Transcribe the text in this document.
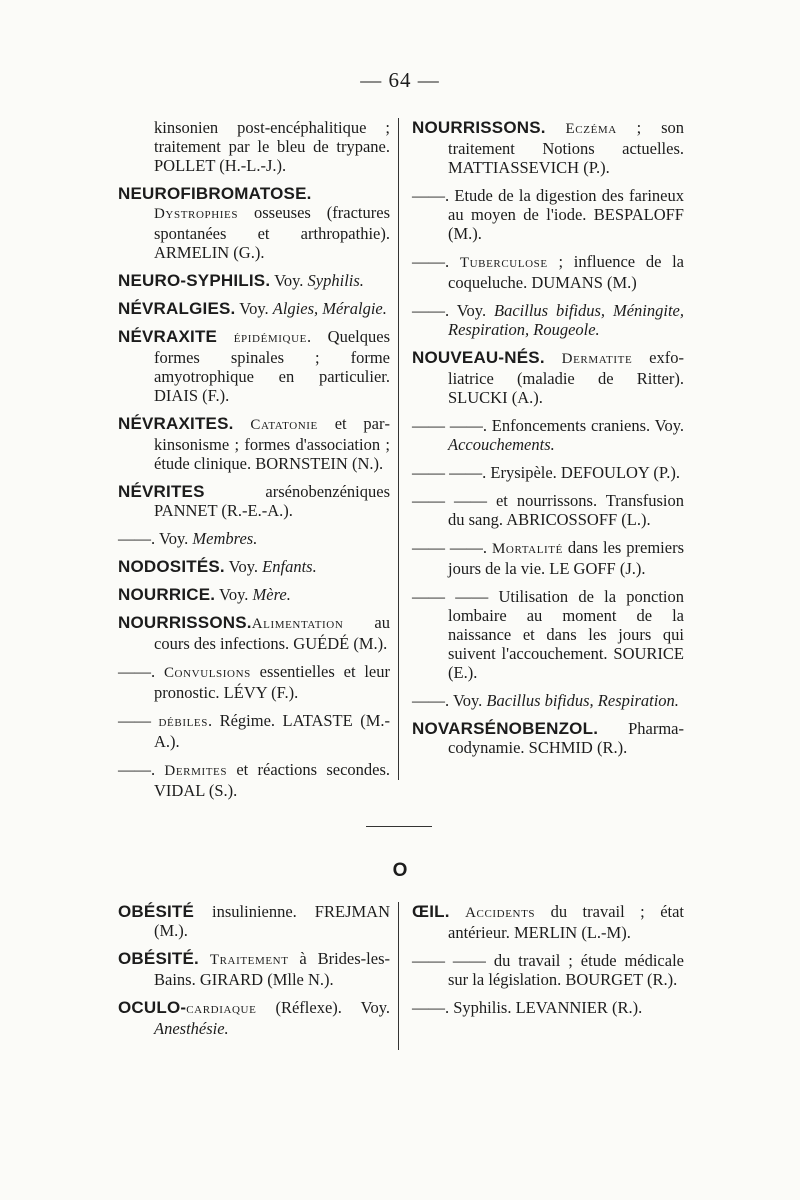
— 64 —

kinsonien post-encéphalitique ; traitement par le bleu de trypane. POLLET (H.-L.-J.).

NEUROFIBROMATOSE. Dystrophies osseuses (fractures spontanées et arthropathie). ARMELIN (G.).

NEURO-SYPHILIS. Voy. Syphilis.

NÉVRALGIES. Voy. Algies, Méralgie.

NÉVRAXITE épidémique. Quelques formes spinales ; forme amyotrophique en particulier. DIAIS (F.).

NÉVRAXITES. Catatonie et parkinsonisme ; formes d'association ; étude clinique. BORNSTEIN (N.).

NÉVRITES arsénobenzéniques PANNET (R.-E.-A.).

——. Voy. Membres.

NODOSITÉS. Voy. Enfants.

NOURRICE. Voy. Mère.

NOURRISSONS.Alimentation au cours des infections. GUÉDÉ (M.).

——. Convulsions essentielles et leur pronostic. LÉVY (F.).

—— débiles. Régime. LATASTE (M.-A.).

——. Dermites et réactions secondes. VIDAL (S.).

NOURRISSONS. Eczéma ; son traitement Notions actuelles. MATTIASSEVICH (P.).

——. Etude de la digestion des farineux au moyen de l'iode. BESPALOFF (M.).

——. Tuberculose ; influence de la coqueluche. DUMANS (M.)

——. Voy. Bacillus bifidus, Méningite, Respiration, Rougeole.

NOUVEAU-NÉS. Dermatite exfoliatrice (maladie de Ritter). SLUCKI (A.).

—— ——. Enfoncements craniens. Voy. Accouchements.

—— ——. Erysipèle. DEFOULOY (P.).

—— —— et nourrissons. Transfusion du sang. ABRICOSSOFF (L.).

—— ——. Mortalité dans les premiers jours de la vie. LE GOFF (J.).

—— —— Utilisation de la ponction lombaire au moment de la naissance et dans les jours qui suivent l'accouchement. SOURICE (E.).

——. Voy. Bacillus bifidus, Respiration.

NOVARSÉNOBENZOL. Pharmacodynamie. SCHMID (R.).

O

OBÉSITÉ insulinienne. FREJMAN (M.).

OBÉSITÉ. Traitement à Brides-les-Bains. GIRARD (Mlle N.).

OCULO-cardiaque (Réflexe). Voy. Anesthésie.

ŒIL. Accidents du travail ; état antérieur. MERLIN (L.-M).

—— —— du travail ; étude médicale sur la législation. BOURGET (R.).

——. Syphilis. LEVANNIER (R.).
